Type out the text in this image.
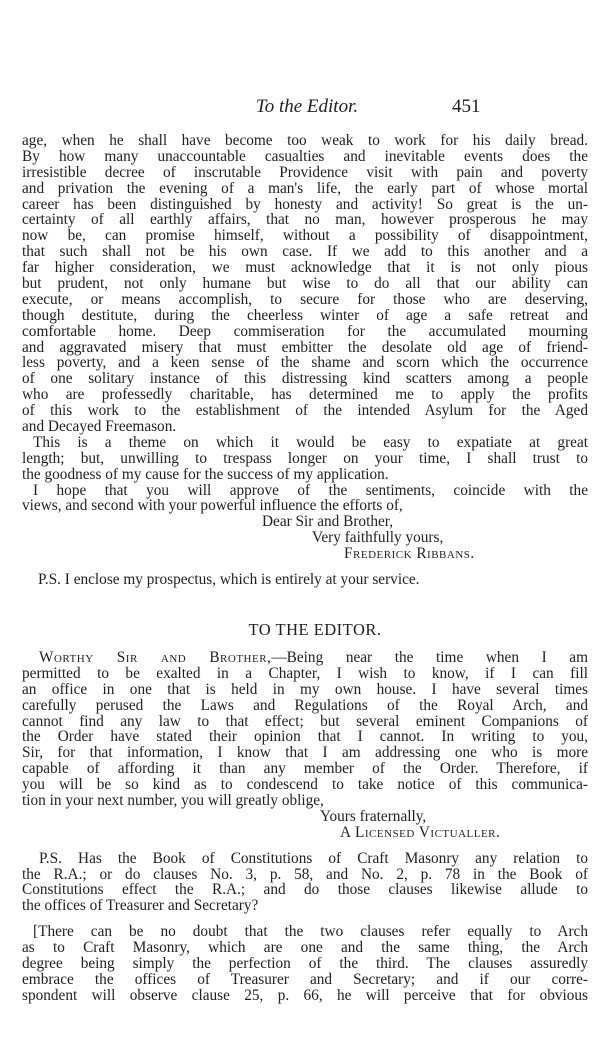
To the Editor.	451
age, when he shall have become too weak to work for his daily bread.
By how many unaccountable casualties and inevitable events does the
irresistible decree of inscrutable Providence visit with pain and poverty
and privation the evening of a man's life, the early part of whose mortal
career has been distinguished by honesty and activity! So great is the un-
certainty of all earthly affairs, that no man, however prosperous he may
now be, can promise himself, without a possibility of disappointment,
that such shall not be his own case. If we add to this another and a
far higher consideration, we must acknowledge that it is not only pious
but prudent, not only humane but wise to do all that our ability can
execute, or means accomplish, to secure for those who are deserving,
though destitute, during the cheerless winter of age a safe retreat and
comfortable home. Deep commiseration for the accumulated mourning
and aggravated misery that must embitter the desolate old age of friend-
less poverty, and a keen sense of the shame and scorn which the occurrence
of one solitary instance of this distressing kind scatters among a people
who are professedly charitable, has determined me to apply the profits
of this work to the establishment of the intended Asylum for the Aged
and Decayed Freemason.
This is a theme on which it would be easy to expatiate at great
length; but, unwilling to trespass longer on your time, I shall trust to
the goodness of my cause for the success of my application.
I hope that you will approve of the sentiments, coincide with the
views, and second with your powerful influence the efforts of,
Dear Sir and Brother,
Very faithfully yours,
Frederick Ribbans.
P.S. I enclose my prospectus, which is entirely at your service.
TO THE EDITOR.
Worthy Sir and Brother,—Being near the time when I am
permitted to be exalted in a Chapter, I wish to know, if I can fill
an office in one that is held in my own house. I have several times
carefully perused the Laws and Regulations of the Royal Arch, and
cannot find any law to that effect; but several eminent Companions of
the Order have stated their opinion that I cannot. In writing to you,
Sir, for that information, I know that I am addressing one who is more
capable of affording it than any member of the Order. Therefore, if
you will be so kind as to condescend to take notice of this communica-
tion in your next number, you will greatly oblige,
Yours fraternally,
A Licensed Victualler.
P.S. Has the Book of Constitutions of Craft Masonry any relation to
the R.A.; or do clauses No. 3, p. 58, and No. 2, p. 78 in the Book of
Constitutions effect the R.A.; and do those clauses likewise allude to
the offices of Treasurer and Secretary?
[There can be no doubt that the two clauses refer equally to Arch
as to Craft Masonry, which are one and the same thing, the Arch
degree being simply the perfection of the third. The clauses assuredly
embrace the offices of Treasurer and Secretary; and if our corre-
spondent will observe clause 25, p. 66, he will perceive that for obvious
